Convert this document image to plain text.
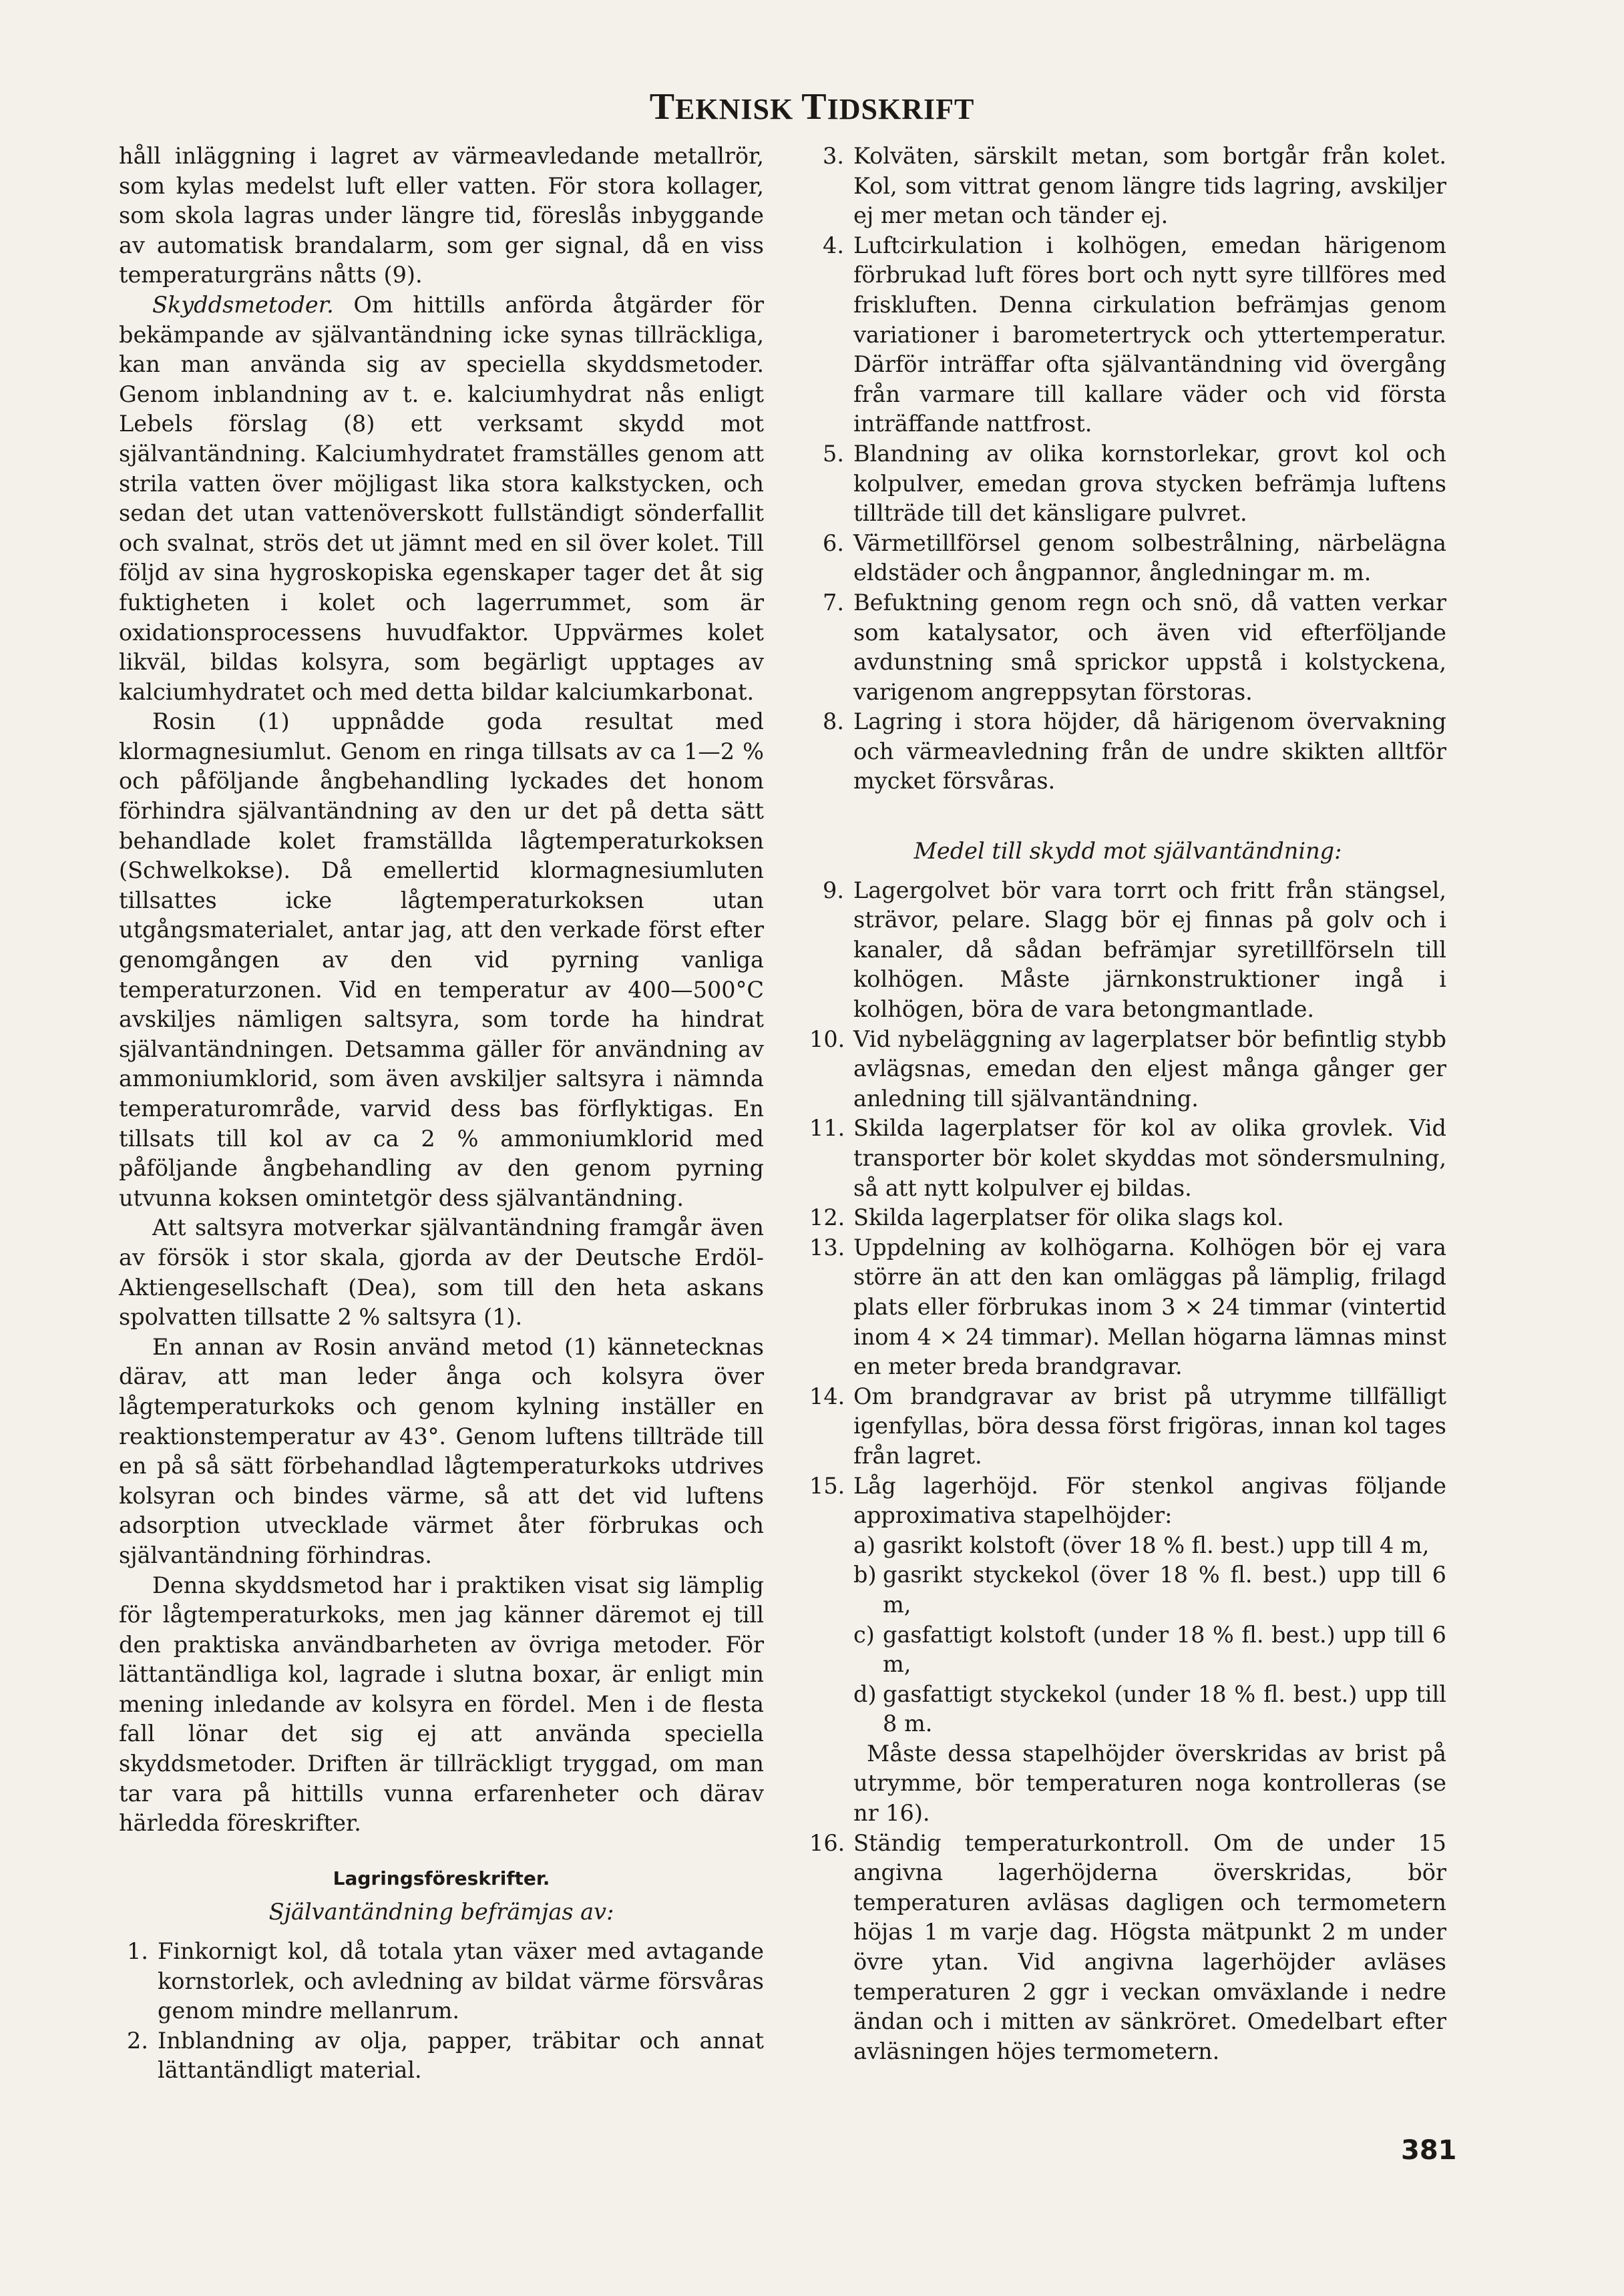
TEKNISK TIDSKRIFT

håll inläggning i lagret av värmeavledande metallrör, som kylas medelst luft eller vatten. För stora kollager, som skola lagras under längre tid, föreslås inbyggande av automatisk brandalarm, som ger signal, då en viss temperaturgräns nåtts (9).

Skyddsmetoder. Om hittills anförda åtgärder för bekämpande av självantändning icke synas tillräckliga, kan man använda sig av speciella skyddsmetoder. Genom inblandning av t. e. kalciumhydrat nås enligt Lebels förslag (8) ett verksamt skydd mot självantändning. Kalciumhydratet framställes genom att strila vatten över möjligast lika stora kalkstycken, och sedan det utan vattenöverskott fullständigt sönderfallit och svalnat, strös det ut jämnt med en sil över kolet. Till följd av sina hygroskopiska egenskaper tager det åt sig fuktigheten i kolet och lagerrummet, som är oxidationsprocessens huvudfaktor. Uppvärmes kolet likväl, bildas kolsyra, som begärligt upptages av kalciumhydratet och med detta bildar kalciumkarbonat.

Rosin (1) uppnådde goda resultat med klormagnesiumlut. Genom en ringa tillsats av ca 1—2 % och påföljande ångbehandling lyckades det honom förhindra självantändning av den ur det på detta sätt behandlade kolet framställda lågtemperaturkoksen (Schwelkokse). Då emellertid klormagnesiumluten tillsattes icke lågtemperaturkoksen utan utgångsmaterialet, antar jag, att den verkade först efter genomgången av den vid pyrning vanliga temperaturzonen. Vid en temperatur av 400—500°C avskiljes nämligen saltsyra, som torde ha hindrat självantändningen. Detsamma gäller för användning av ammoniumklorid, som även avskiljer saltsyra i nämnda temperaturområde, varvid dess bas förflyktigas. En tillsats till kol av ca 2 % ammoniumklorid med påföljande ångbehandling av den genom pyrning utvunna koksen omintetgör dess självantändning.

Att saltsyra motverkar självantändning framgår även av försök i stor skala, gjorda av der Deutsche Erdöl-Aktiengesellschaft (Dea), som till den heta askans spolvatten tillsatte 2 % saltsyra (1).

En annan av Rosin använd metod (1) kännetecknas därav, att man leder ånga och kolsyra över lågtemperaturkoks och genom kylning inställer en reaktionstemperatur av 43°. Genom luftens tillträde till en på så sätt förbehandlad lågtemperaturkoks utdrives kolsyran och bindes värme, så att det vid luftens adsorption utvecklade värmet åter förbrukas och självantändning förhindras.

Denna skyddsmetod har i praktiken visat sig lämplig för lågtemperaturkoks, men jag känner däremot ej till den praktiska användbarheten av övriga metoder. För lättantändliga kol, lagrade i slutna boxar, är enligt min mening inledande av kolsyra en fördel. Men i de flesta fall lönar det sig ej att använda speciella skyddsmetoder. Driften är tillräckligt tryggad, om man tar vara på hittills vunna erfarenheter och därav härledda föreskrifter.

Lagringsföreskrifter.
Självantändning befrämjas av:
1. Finkornigt kol, då totala ytan växer med avtagande kornstorlek, och avledning av bildat värme försvåras genom mindre mellanrum.
2. Inblandning av olja, papper, träbitar och annat lättantändligt material.
3. Kolväten, särskilt metan, som bortgår från kolet. Kol, som vittrat genom längre tids lagring, avskiljer ej mer metan och tänder ej.
4. Luftcirkulation i kolhögen, emedan härigenom förbrukad luft föres bort och nytt syre tillföres med friskluften. Denna cirkulation befrämjas genom variationer i barometertryck och yttertemperatur. Därför inträffar ofta självantändning vid övergång från varmare till kallare väder och vid första inträffande nattfrost.
5. Blandning av olika kornstorlekar, grovt kol och kolpulver, emedan grova stycken befrämja luftens tillträde till det känsligare pulvret.
6. Värmetillförsel genom solbestrålning, närbelägna eldstäder och ångpannor, ångledningar m. m.
7. Befuktning genom regn och snö, då vatten verkar som katalysator, och även vid efterföljande avdunstning små sprickor uppstå i kolstyckena, varigenom angreppsytan förstoras.
8. Lagring i stora höjder, då härigenom övervakning och värmeavledning från de undre skikten alltför mycket försvåras.
Medel till skydd mot självantändning:
9. Lagergolvet bör vara torrt och fritt från stängsel, strävor, pelare. Slagg bör ej finnas på golv och i kanaler, då sådan befrämjar syretillförseln till kolhögen. Måste järnkonstruktioner ingå i kolhögen, böra de vara betongmantlade.
10. Vid nybeläggning av lagerplatser bör befintlig stybb avlägsnas, emedan den eljest många gånger ger anledning till självantändning.
11. Skilda lagerplatser för kol av olika grovlek. Vid transporter bör kolet skyddas mot söndersmulning, så att nytt kolpulver ej bildas.
12. Skilda lagerplatser för olika slags kol.
13. Uppdelning av kolhögarna. Kolhögen bör ej vara större än att den kan omläggas på lämplig, frilagd plats eller förbrukas inom 3 × 24 timmar (vintertid inom 4 × 24 timmar). Mellan högarna lämnas minst en meter breda brandgravar.
14. Om brandgravar av brist på utrymme tillfälligt igenfyllas, böra dessa först frigöras, innan kol tages från lagret.
15. Låg lagerhöjd. För stenkol angivas följande approximativa stapelhöjder:
a) gasrikt kolstoft (över 18 % fl. best.) upp till 4 m,
b) gasrikt styckekol (över 18 % fl. best.) upp till 6 m,
c) gasfattigt kolstoft (under 18 % fl. best.) upp till 6 m,
d) gasfattigt styckekol (under 18 % fl. best.) upp till 8 m.
Måste dessa stapelhöjder överskridas av brist på utrymme, bör temperaturen noga kontrolleras (se nr 16).
16. Ständig temperaturkontroll. Om de under 15 angivna lagerhöjderna överskridas, bör temperaturen avläsas dagligen och termometern höjas 1 m varje dag. Högsta mätpunkt 2 m under övre ytan. Vid angivna lagerhöjder avläses temperaturen 2 ggr i veckan omväxlande i nedre ändan och i mitten av sänkröret. Omedelbart efter avläsningen höjes termometern.
381
